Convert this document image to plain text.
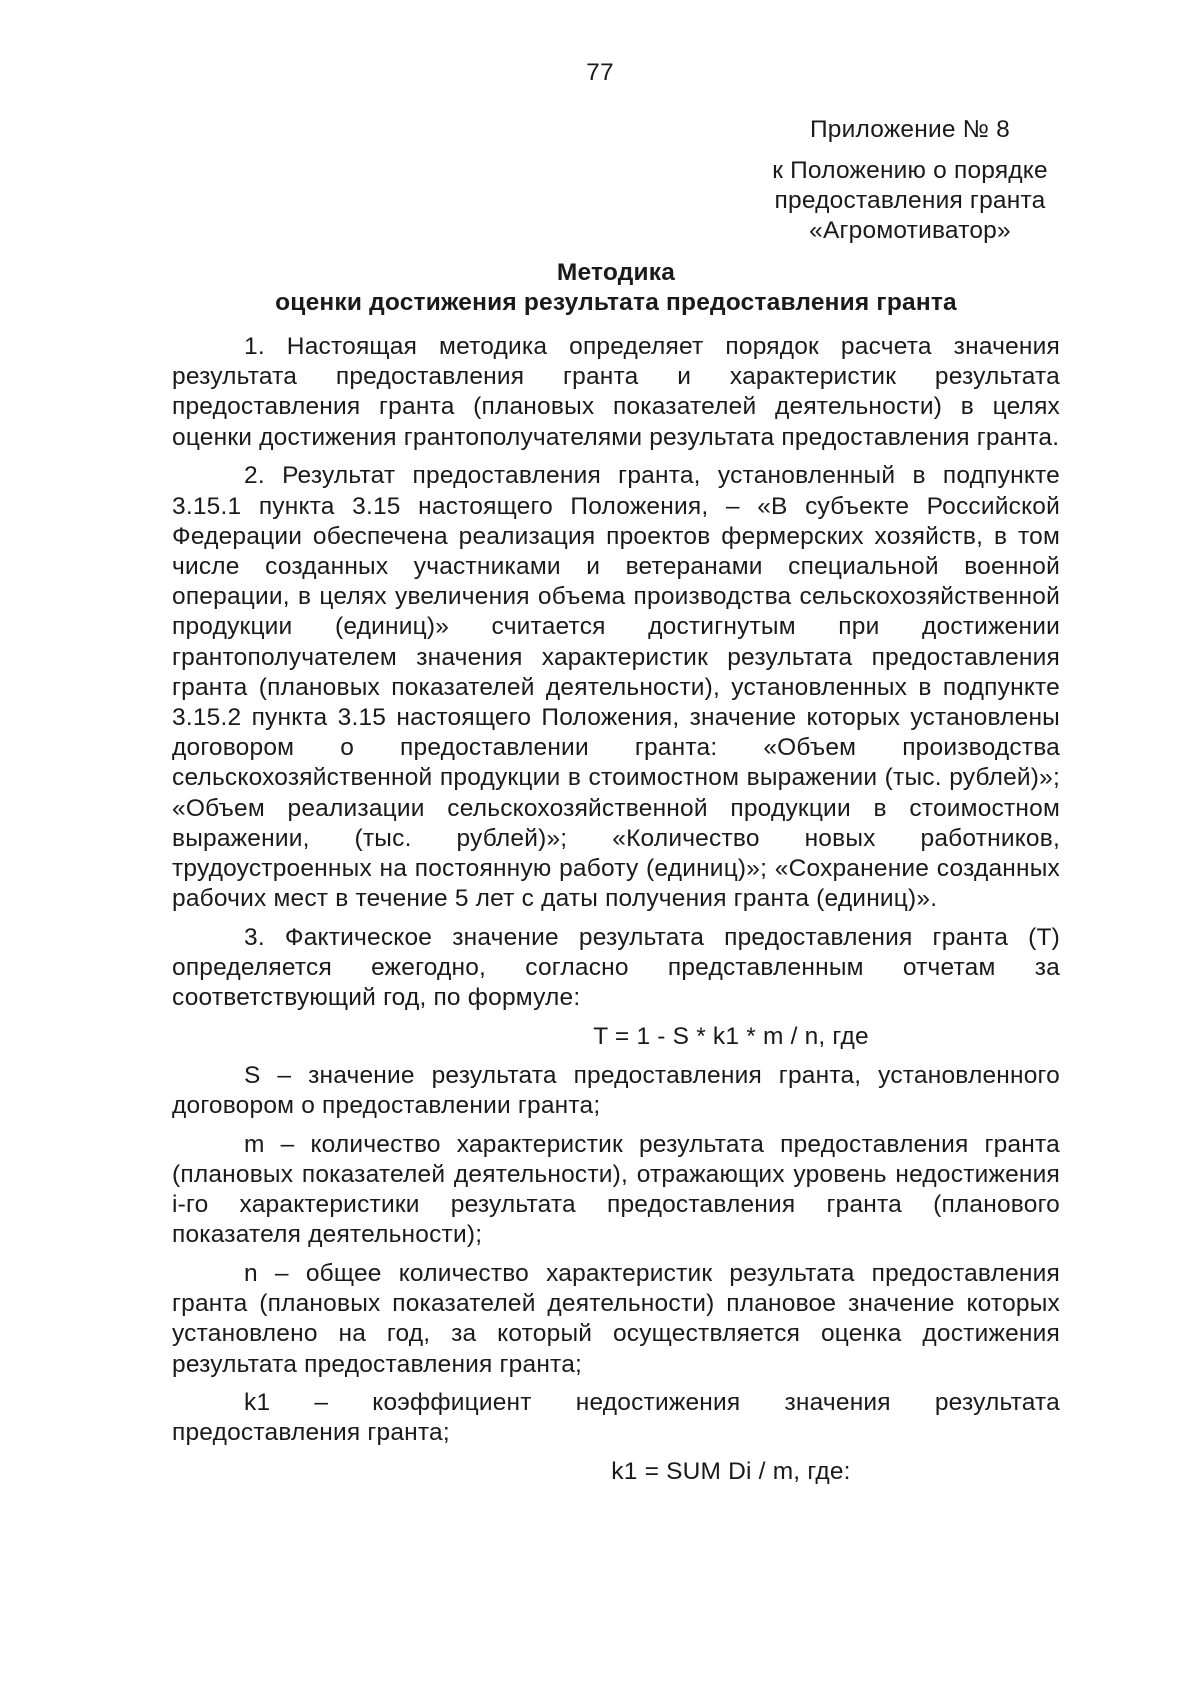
77
Приложение № 8
к Положению о порядке
предоставления гранта
«Агромотиватор»
Методика
оценки достижения результата предоставления гранта

1. Настоящая методика определяет порядок расчета значения результата предоставления гранта и характеристик результата предоставления гранта (плановых показателей деятельности) в целях оценки достижения грантополучателями результата предоставления гранта.

2. Результат предоставления гранта, установленный в подпункте 3.15.1 пункта 3.15 настоящего Положения, – «В субъекте Российской Федерации обеспечена реализация проектов фермерских хозяйств, в том числе созданных участниками и ветеранами специальной военной операции, в целях увеличения объема производства сельскохозяйственной продукции (единиц)» считается достигнутым при достижении грантополучателем значения характеристик результата предоставления гранта (плановых показателей деятельности), установленных в подпункте 3.15.2 пункта 3.15 настоящего Положения, значение которых установлены договором о предоставлении гранта: «Объем производства сельскохозяйственной продукции в стоимостном выражении (тыс. рублей)»; «Объем реализации сельскохозяйственной продукции в стоимостном выражении, (тыс. рублей)»; «Количество новых работников, трудоустроенных на постоянную работу (единиц)»; «Сохранение созданных рабочих мест в течение 5 лет с даты получения гранта (единиц)».

3. Фактическое значение результата предоставления гранта (T) определяется ежегодно, согласно представленным отчетам за соответствующий год, по формуле:

T = 1 - S * k1 * m / n, где

S – значение результата предоставления гранта, установленного договором о предоставлении гранта;

m – количество характеристик результата предоставления гранта (плановых показателей деятельности), отражающих уровень недостижения i-го характеристики результата предоставления гранта (планового показателя деятельности);

n – общее количество характеристик результата предоставления гранта (плановых показателей деятельности) плановое значение которых установлено на год, за который осуществляется оценка достижения результата предоставления гранта;

k1 – коэффициент недостижения значения результата предоставления гранта;

k1 = SUM Di / m, где:
